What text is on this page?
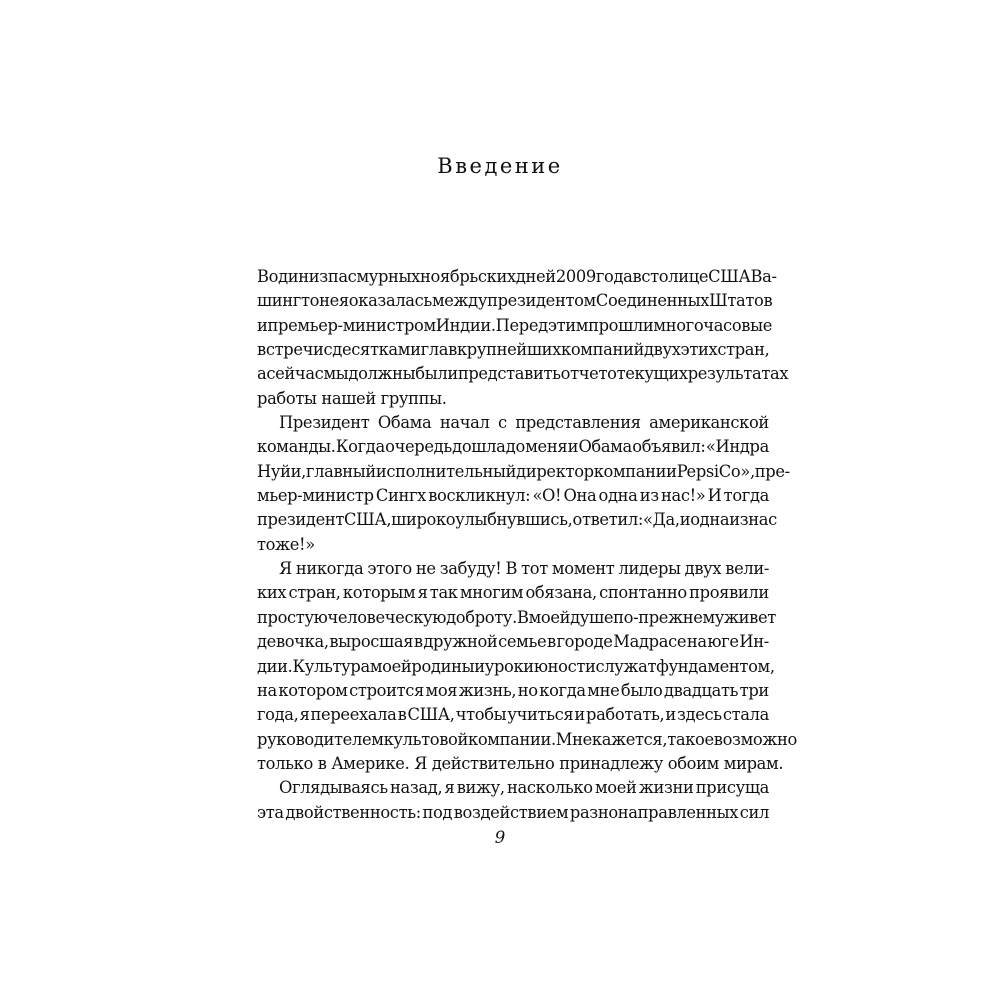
Введение
В один из пасмурных ноябрьских дней 2009 года в столице США Ва-
шингтоне я оказалась между президентом Соединенных Штатов
и премьер-министром Индии. Перед этим прошли многочасовые
встречи с десятками глав крупнейших компаний двух этих стран,
а сейчас мы должны были представить отчет о текущих результатах
работы нашей группы.
Президент Обама начал с представления американской
команды. Когда очередь дошла до меня и Обама объявил: «Индра
Нуйи, главный исполнительный директор компании PepsiCo», пре-
мьер-министр Сингх воскликнул: «О! Она одна из нас!» И тогда
президент США, широко улыбнувшись, ответил: «Да, и одна из нас
тоже!»
Я никогда этого не забуду! В тот момент лидеры двух вели-
ких стран, которым я так многим обязана, спонтанно проявили
простую человеческую доброту. В моей душе по-прежнему живет
девочка, выросшая в дружной семье в городе Мадрасе на юге Ин-
дии. Культура моей родины и уроки юности служат фундаментом,
на котором строится моя жизнь, но когда мне было двадцать три
года, я переехала в США, чтобы учиться и работать, и здесь стала
руководителем культовой компании. Мне кажется, такое возможно
только в Америке. Я действительно принадлежу обоим мирам.
Оглядываясь назад, я вижу, насколько моей жизни присуща
эта двойственность: под воздействием разнонаправленных сил
9
